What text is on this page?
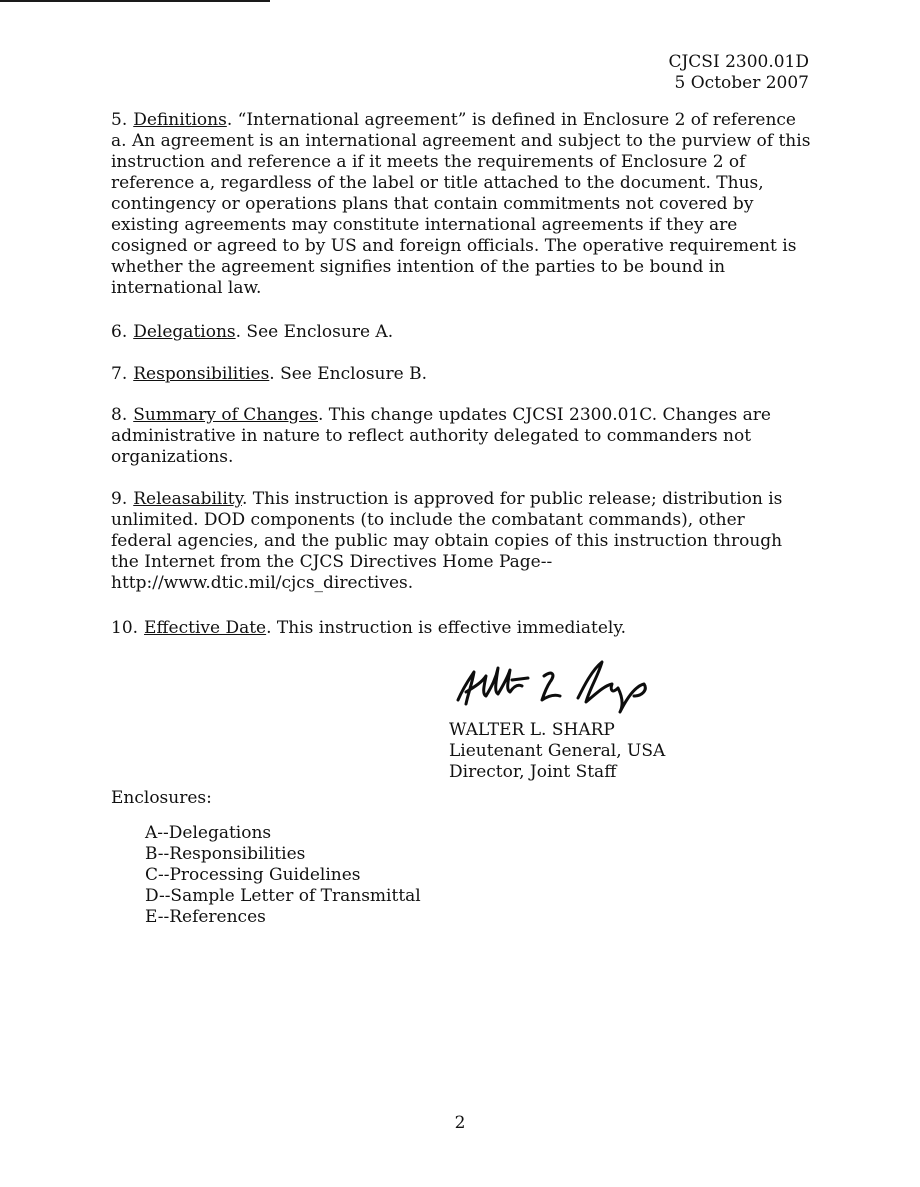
CJCSI 2300.01D
5 October 2007

5. Definitions. “International agreement” is defined in Enclosure 2 of reference a. An agreement is an international agreement and subject to the purview of this instruction and reference a if it meets the requirements of Enclosure 2 of reference a, regardless of the label or title attached to the document. Thus, contingency or operations plans that contain commitments not covered by existing agreements may constitute international agreements if they are cosigned or agreed to by US and foreign officials. The operative requirement is whether the agreement signifies intention of the parties to be bound in international law.

6. Delegations. See Enclosure A.

7. Responsibilities. See Enclosure B.

8. Summary of Changes. This change updates CJCSI 2300.01C. Changes are administrative in nature to reflect authority delegated to commanders not organizations.

9. Releasability. This instruction is approved for public release; distribution is unlimited. DOD components (to include the combatant commands), other federal agencies, and the public may obtain copies of this instruction through the Internet from the CJCS Directives Home Page-- http://www.dtic.mil/cjcs_directives.

10. Effective Date. This instruction is effective immediately.

WALTER L. SHARP
Lieutenant General, USA
Director, Joint Staff
Enclosures:
A--Delegations
B--Responsibilities
C--Processing Guidelines
D--Sample Letter of Transmittal
E--References
2
